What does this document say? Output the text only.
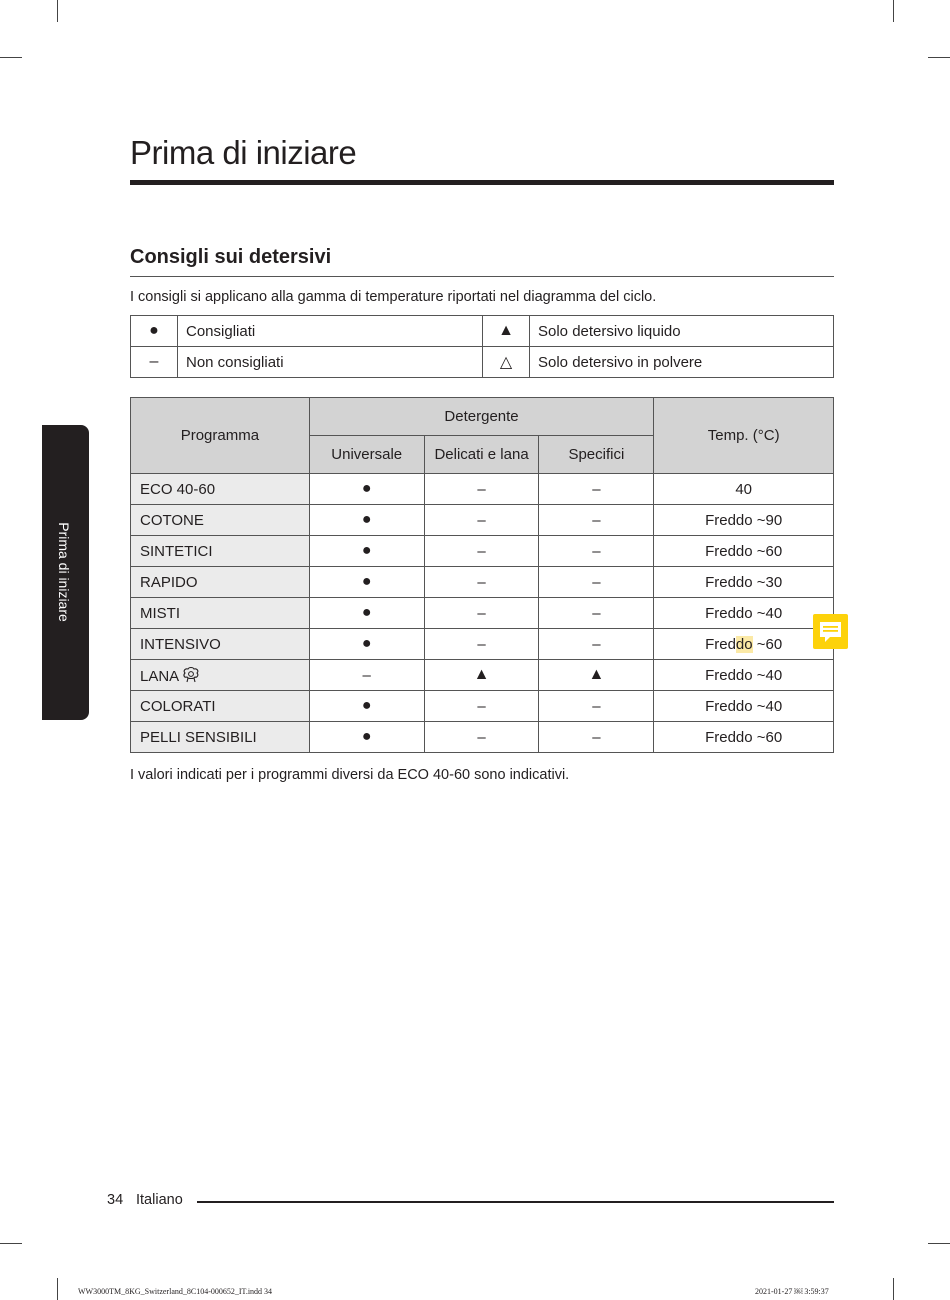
Prima di iniziare
Prima di iniziare
Consigli sui detersivi

I consigli si applicano alla gamma di temperature riportati nel diagramma del ciclo.

●	Consigliati	▲	Solo detersivo liquido
–	Non consigliati	△	Solo detersivo in polvere
Programma	Detergente			Temp. (°C)
	Universale	Delicati e lana	Specifici	
ECO 40-60	●	–	–	40
COTONE	●	–	–	Freddo ~90
SINTETICI	●	–	–	Freddo ~60
RAPIDO	●	–	–	Freddo ~30
MISTI	●	–	–	Freddo ~40
INTENSIVO	●	–	–	Freddo ~60
LANA	–	▲	▲	Freddo ~40
COLORATI	●	–	–	Freddo ~40
PELLI SENSIBILI	●	–	–	Freddo ~60

I valori indicati per i programmi diversi da ECO 40-60 sono indicativi.

34 Italiano
WW3000TM_8KG_Switzerland_8C104-000652_IT.indd 34	2021-01-27 ￼ 3:59:37
